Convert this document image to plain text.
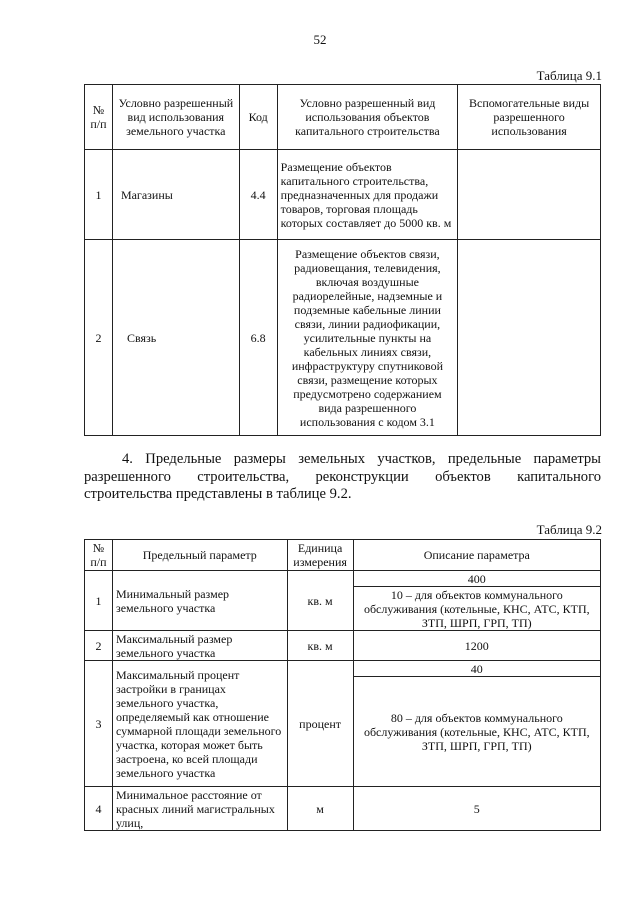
52
Таблица 9.1
№ п/п	Условно разрешенный вид использования земельного участка	Код	Условно разрешенный вид использования объектов капитального строительства	Вспомогательные виды разрешенного использования
1	Магазины	4.4	Размещение объектов капитального строительства, предназначенных для продажи товаров, торговая площадь которых составляет до 5000 кв. м	
2	Связь	6.8	Размещение объектов связи, радиовещания, телевидения, включая воздушные радиорелейные, надземные и подземные кабельные линии связи, линии радиофикации, усилительные пункты на кабельных линиях связи, инфраструктуру спутниковой связи, размещение которых предусмотрено содержанием вида разрешенного использования с кодом 3.1	
4. Предельные размеры земельных участков, предельные параметры разрешенного строительства, реконструкции объектов капитального строительства представлены в таблице 9.2.
Таблица 9.2
№ п/п	Предельный параметр	Единица измерения	Описание параметра
1	Минимальный размер земельного участка	кв. м	400
			10 – для объектов коммунального обслуживания (котельные, КНС, АТС, КТП, ЗТП, ШРП, ГРП, ТП)
2	Максимальный размер земельного участка	кв. м	1200
3	Максимальный процент застройки в границах земельного участка, определяемый как отношение суммарной площади земельного участка, которая может быть застроена, ко всей площади земельного участка	процент	40
			80 – для объектов коммунального обслуживания (котельные, КНС, АТС, КТП, ЗТП, ШРП, ГРП, ТП)
4	Минимальное расстояние от красных линий магистральных улиц,	м	5
